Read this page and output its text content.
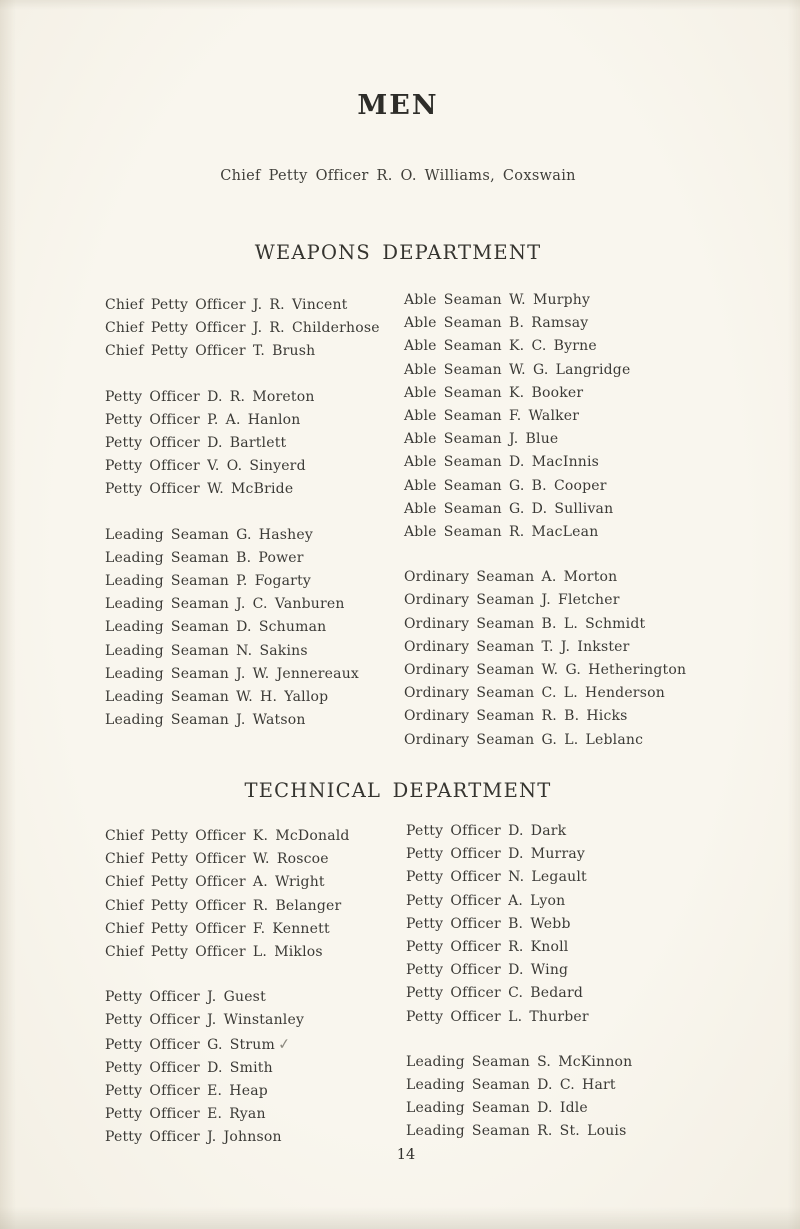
MEN
Chief Petty Officer R. O. Williams, Coxswain
WEAPONS DEPARTMENT
Chief Petty Officer J. R. Vincent
Chief Petty Officer J. R. Childerhose
Chief Petty Officer T. Brush
Petty Officer D. R. Moreton
Petty Officer P. A. Hanlon
Petty Officer D. Bartlett
Petty Officer V. O. Sinyerd
Petty Officer W. McBride
Leading Seaman G. Hashey
Leading Seaman B. Power
Leading Seaman P. Fogarty
Leading Seaman J. C. Vanburen
Leading Seaman D. Schuman
Leading Seaman N. Sakins
Leading Seaman J. W. Jennereaux
Leading Seaman W. H. Yallop
Leading Seaman J. Watson
Able Seaman W. Murphy
Able Seaman B. Ramsay
Able Seaman K. C. Byrne
Able Seaman W. G. Langridge
Able Seaman K. Booker
Able Seaman F. Walker
Able Seaman J. Blue
Able Seaman D. MacInnis
Able Seaman G. B. Cooper
Able Seaman G. D. Sullivan
Able Seaman R. MacLean
Ordinary Seaman A. Morton
Ordinary Seaman J. Fletcher
Ordinary Seaman B. L. Schmidt
Ordinary Seaman T. J. Inkster
Ordinary Seaman W. G. Hetherington
Ordinary Seaman C. L. Henderson
Ordinary Seaman R. B. Hicks
Ordinary Seaman G. L. Leblanc
TECHNICAL DEPARTMENT
Chief Petty Officer K. McDonald
Chief Petty Officer W. Roscoe
Chief Petty Officer A. Wright
Chief Petty Officer R. Belanger
Chief Petty Officer F. Kennett
Chief Petty Officer L. Miklos
Petty Officer J. Guest
Petty Officer J. Winstanley
Petty Officer G. Strum ✓
Petty Officer D. Smith
Petty Officer E. Heap
Petty Officer E. Ryan
Petty Officer J. Johnson
Petty Officer D. Dark
Petty Officer D. Murray
Petty Officer N. Legault
Petty Officer A. Lyon
Petty Officer B. Webb
Petty Officer R. Knoll
Petty Officer D. Wing
Petty Officer C. Bedard
Petty Officer L. Thurber
Leading Seaman S. McKinnon
Leading Seaman D. C. Hart
Leading Seaman D. Idle
Leading Seaman R. St. Louis
14
